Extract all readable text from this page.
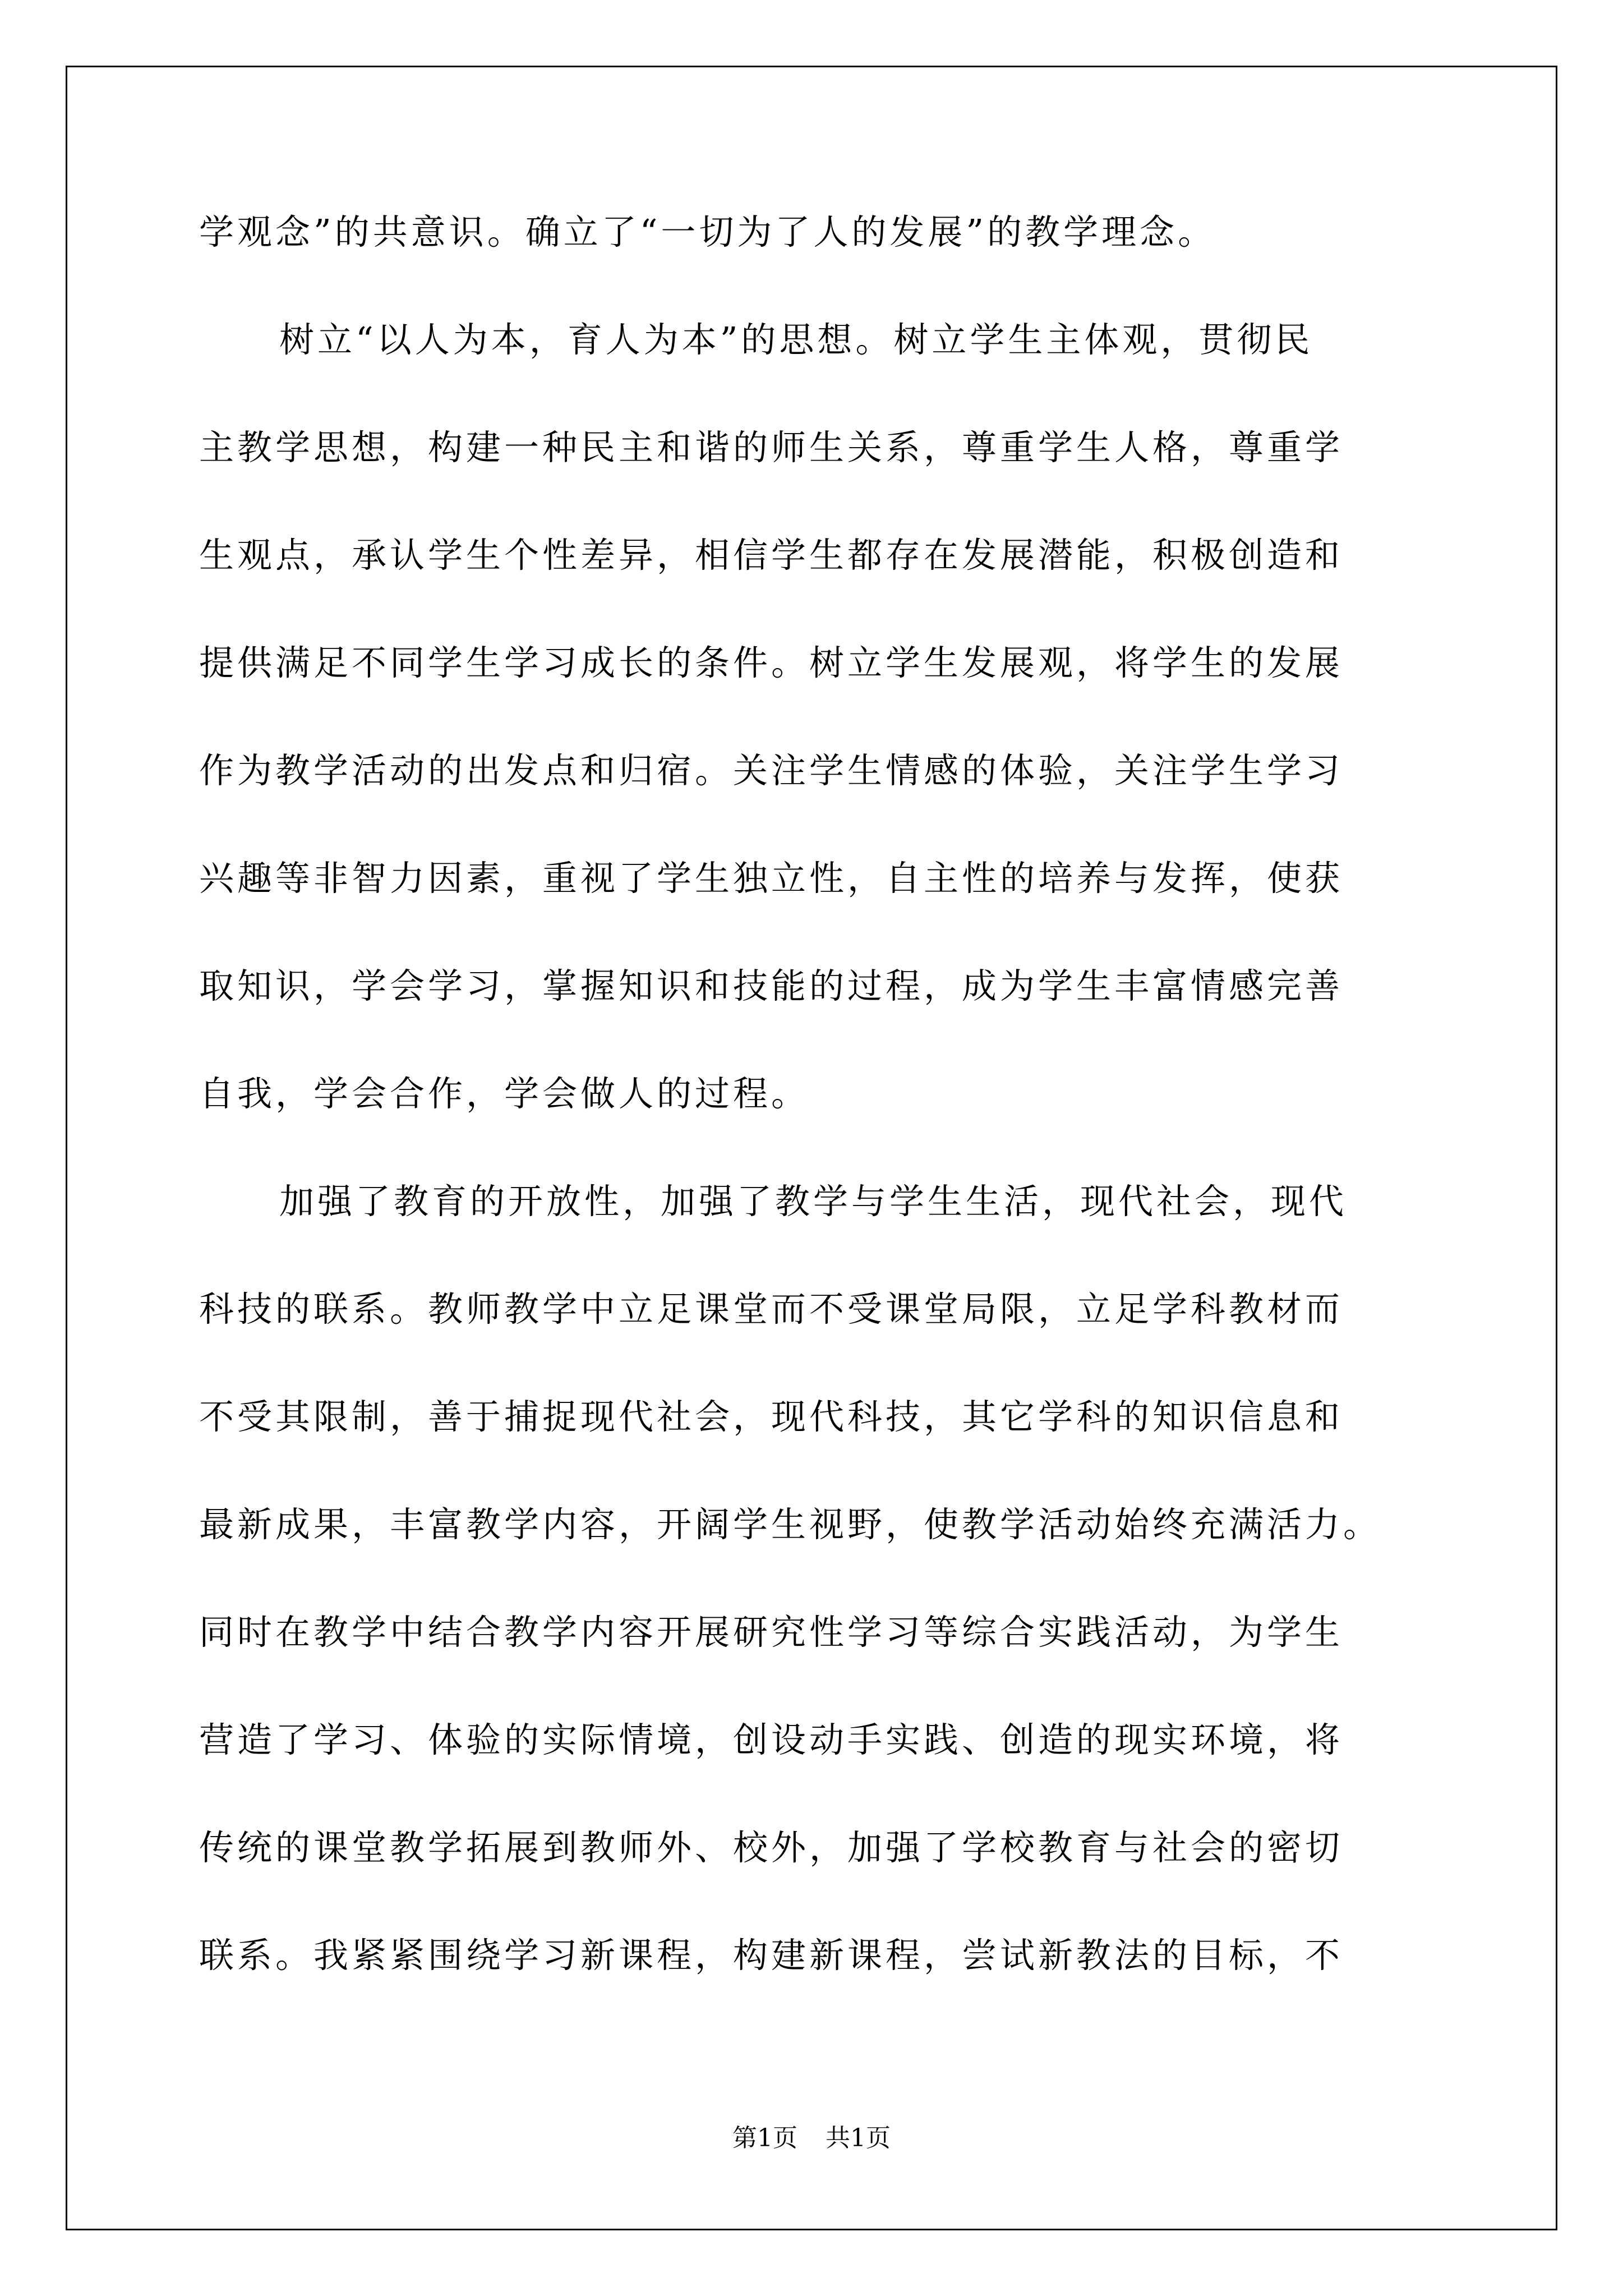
学观念”的共意识。确立了“一切为了人的发展”的教学理念。
树立“以人为本，育人为本”的思想。树立学生主体观，贯彻民
主教学思想，构建一种民主和谐的师生关系，尊重学生人格，尊重学
生观点，承认学生个性差异，相信学生都存在发展潜能，积极创造和
提供满足不同学生学习成长的条件。树立学生发展观，将学生的发展
作为教学活动的出发点和归宿。关注学生情感的体验，关注学生学习
兴趣等非智力因素，重视了学生独立性，自主性的培养与发挥，使获
取知识，学会学习，掌握知识和技能的过程，成为学生丰富情感完善
自我，学会合作，学会做人的过程。
加强了教育的开放性，加强了教学与学生生活，现代社会，现代
科技的联系。教师教学中立足课堂而不受课堂局限，立足学科教材而
不受其限制，善于捕捉现代社会，现代科技，其它学科的知识信息和
最新成果，丰富教学内容，开阔学生视野，使教学活动始终充满活力。
同时在教学中结合教学内容开展研究性学习等综合实践活动，为学生
营造了学习、体验的实际情境，创设动手实践、创造的现实环境，将
传统的课堂教学拓展到教师外、校外，加强了学校教育与社会的密切
联系。我紧紧围绕学习新课程，构建新课程，尝试新教法的目标，不
第1页 共1页
